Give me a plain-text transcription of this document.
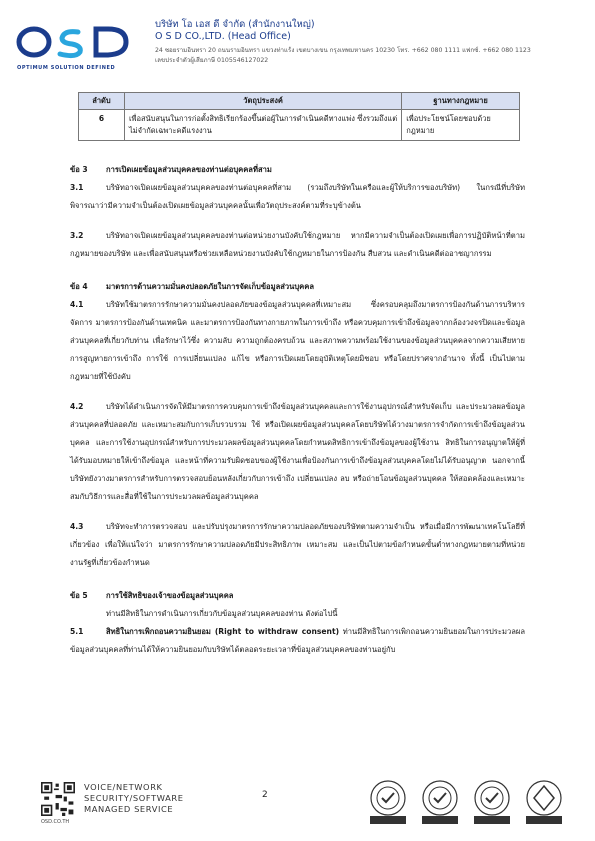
OPTIMUM SOLUTION DEFINED
บริษัท โอ เอส ดี จำกัด (สำนักงานใหญ่)
O S D CO.,LTD. (Head Office)
24 ซอยรามอินทรา 20 ถนนรามอินทรา แขวงท่าแร้ง เขตบางเขน กรุงเทพมหานคร 10230 โทร. +662 080 1111 แฟกซ์. +662 080 1123
เลขประจำตัวผู้เสียภาษี 0105546127022
ลำดับ	วัตถุประสงค์	ฐานทางกฎหมาย
6	เพื่อสนับสนุนในการก่อตั้งสิทธิเรียกร้องขึ้นต่อผู้ในการดำเนินคดีทางแพ่ง ซึ่งรวมถึงแต่ไม่จำกัดเฉพาะคดีแรงงาน	เพื่อประโยชน์โดยชอบด้วยกฎหมาย
ข้อ 3 การเปิดเผยข้อมูลส่วนบุคคลของท่านต่อบุคคลที่สาม
3.1	บริษัทอาจเปิดเผยข้อมูลส่วนบุคคลของท่านต่อบุคคลที่สาม (รวมถึงบริษัทในเครือและผู้ให้บริการของบริษัท) ในกรณีที่บริษัทพิจารณาว่ามีความจำเป็นต้องเปิดเผยข้อมูลส่วนบุคคลนั้นเพื่อวัตถุประสงค์ตามที่ระบุข้างต้น
3.2	บริษัทอาจเปิดเผยข้อมูลส่วนบุคคลของท่านต่อหน่วยงานบังคับใช้กฎหมาย หากมีความจำเป็นต้องเปิดเผยเพื่อการปฏิบัติหน้าที่ตามกฎหมายของบริษัท และเพื่อสนับสนุนหรือช่วยเหลือหน่วยงานบังคับใช้กฎหมายในการป้องกัน สืบสวน และดำเนินคดีต่ออาชญากรรม
ข้อ 4 มาตรการด้านความมั่นคงปลอดภัยในการจัดเก็บข้อมูลส่วนบุคคล
4.1	บริษัทใช้มาตรการรักษาความมั่นคงปลอดภัยของข้อมูลส่วนบุคคลที่เหมาะสม ซึ่งครอบคลุมถึงมาตรการป้องกันด้านการบริหารจัดการ มาตรการป้องกันด้านเทคนิค และมาตรการป้องกันทางกายภาพในการเข้าถึง หรือควบคุมการเข้าถึงข้อมูลจากกล้องวงจรปิดและข้อมูลส่วนบุคคลที่เกี่ยวกับท่าน เพื่อรักษาไว้ซึ่ง ความลับ ความถูกต้องครบถ้วน และสภาพความพร้อมใช้งานของข้อมูลส่วนบุคคลจากความเสียหาย การสูญหายการเข้าถึง การใช้ การเปลี่ยนแปลง แก้ไข หรือการเปิดเผยโดยอุบัติเหตุโดยมิชอบ หรือโดยปราศจากอำนาจ ทั้งนี้ เป็นไปตามกฎหมายที่ใช้บังคับ
4.2	บริษัทได้ดำเนินการจัดให้มีมาตรการควบคุมการเข้าถึงข้อมูลส่วนบุคคลและการใช้งานอุปกรณ์สำหรับจัดเก็บ และประมวลผลข้อมูลส่วนบุคคลที่ปลอดภัย และเหมาะสมกับการเก็บรวบรวม ใช้ หรือเปิดเผยข้อมูลส่วนบุคคลโดยบริษัทได้วางมาตรการจำกัดการเข้าถึงข้อมูลส่วนบุคคล และการใช้งานอุปกรณ์สำหรับการประมวลผลข้อมูลส่วนบุคคลโดยกำหนดสิทธิการเข้าถึงข้อมูลของผู้ใช้งาน สิทธิในการอนุญาตให้ผู้ที่ได้รับมอบหมายให้เข้าถึงข้อมูล และหน้าที่ความรับผิดชอบของผู้ใช้งานเพื่อป้องกันการเข้าถึงข้อมูลส่วนบุคคลโดยไม่ได้รับอนุญาต นอกจากนี้บริษัทยังวางมาตรการสำหรับการตรวจสอบย้อนหลังเกี่ยวกับการเข้าถึง เปลี่ยนแปลง ลบ หรือถ่ายโอนข้อมูลส่วนบุคคล ให้สอดคล้องและเหมาะสมกับวิธีการและสื่อที่ใช้ในการประมวลผลข้อมูลส่วนบุคคล
4.3	บริษัทจะทำการตรวจสอบ และปรับปรุงมาตรการรักษาความปลอดภัยของบริษัทตามความจำเป็น หรือเมื่อมีการพัฒนาเทคโนโลยีที่เกี่ยวข้อง เพื่อให้แน่ใจว่า มาตรการรักษาความปลอดภัยมีประสิทธิภาพ เหมาะสม และเป็นไปตามข้อกำหนดขั้นต่ำทางกฎหมายตามที่หน่วยงานรัฐที่เกี่ยวข้องกำหนด
ข้อ 5 การใช้สิทธิของเจ้าของข้อมูลส่วนบุคคล
ท่านมีสิทธิในการดำเนินการเกี่ยวกับข้อมูลส่วนบุคคลของท่าน ดังต่อไปนี้
5.1	สิทธิในการเพิกถอนความยินยอม (Right to withdraw consent) ท่านมีสิทธิในการเพิกถอนความยินยอมในการประมวลผลข้อมูลส่วนบุคคลที่ท่านได้ให้ความยินยอมกับบริษัทได้ตลอดระยะเวลาที่ข้อมูลส่วนบุคคลของท่านอยู่กับ
OSD.CO.TH
VOICE/NETWORK
SECURITY/SOFTWARE
MANAGED SERVICE
2
